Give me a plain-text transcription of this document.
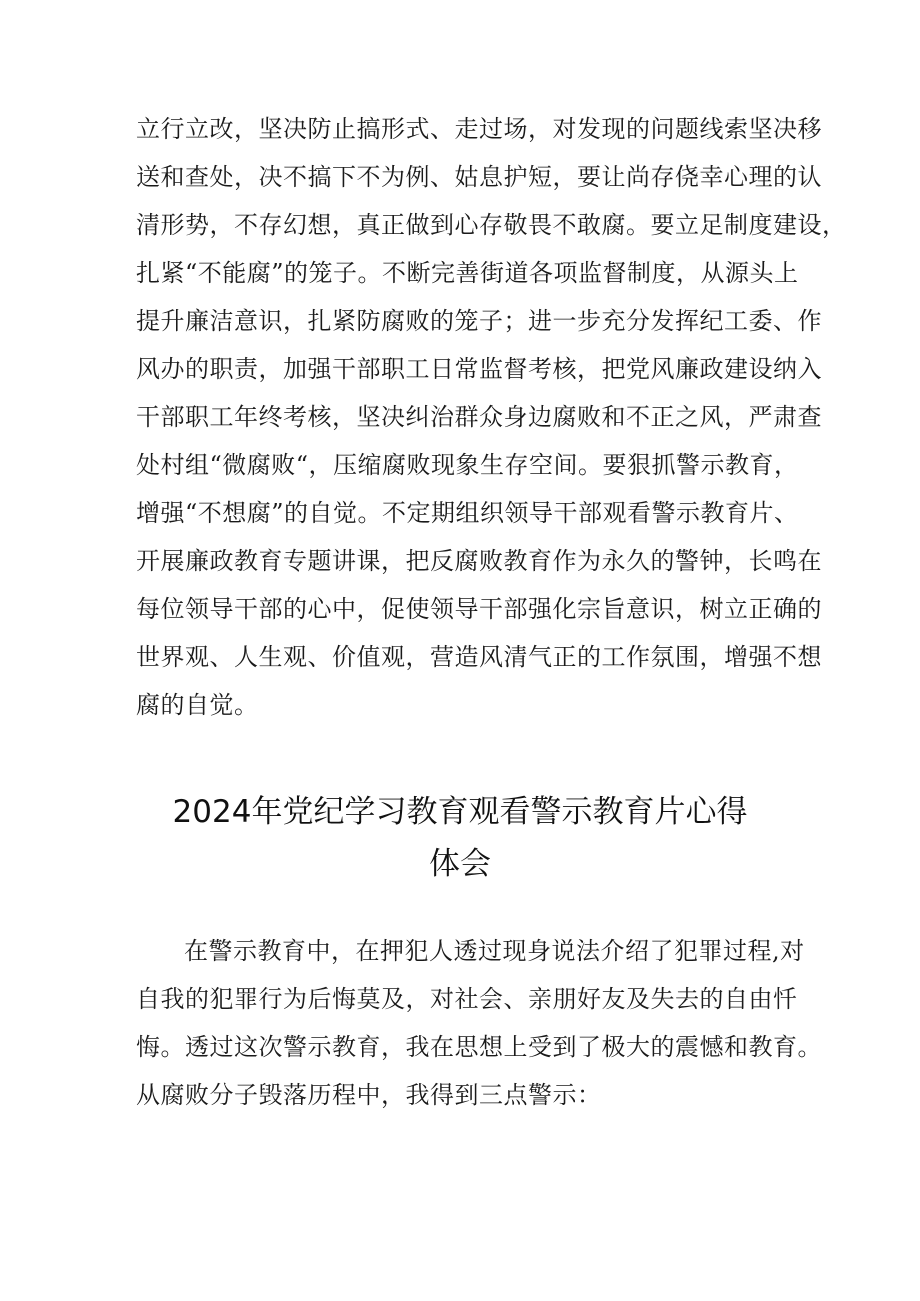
立行立改，坚决防止搞形式、走过场，对发现的问题线索坚决移
送和查处，决不搞下不为例、姑息护短，要让尚存侥幸心理的认
清形势，不存幻想，真正做到心存敬畏不敢腐。要立足制度建设，
扎紧“不能腐”的笼子。不断完善街道各项监督制度，从源头上
提升廉洁意识，扎紧防腐败的笼子；进一步充分发挥纪工委、作
风办的职责，加强干部职工日常监督考核，把党风廉政建设纳入
干部职工年终考核，坚决纠治群众身边腐败和不正之风，严肃查
处村组“微腐败“，压缩腐败现象生存空间。要狠抓警示教育，
增强“不想腐”的自觉。不定期组织领导干部观看警示教育片、
开展廉政教育专题讲课，把反腐败教育作为永久的警钟，长鸣在
每位领导干部的心中，促使领导干部强化宗旨意识，树立正确的
世界观、人生观、价值观，营造风清气正的工作氛围，增强不想
腐的自觉。
2024年党纪学习教育观看警示教育片心得
体会
在警示教育中，在押犯人透过现身说法介绍了犯罪过程,对
自我的犯罪行为后悔莫及，对社会、亲朋好友及失去的自由忏
悔。透过这次警示教育，我在思想上受到了极大的震憾和教育。
从腐败分子毁落历程中，我得到三点警示：
